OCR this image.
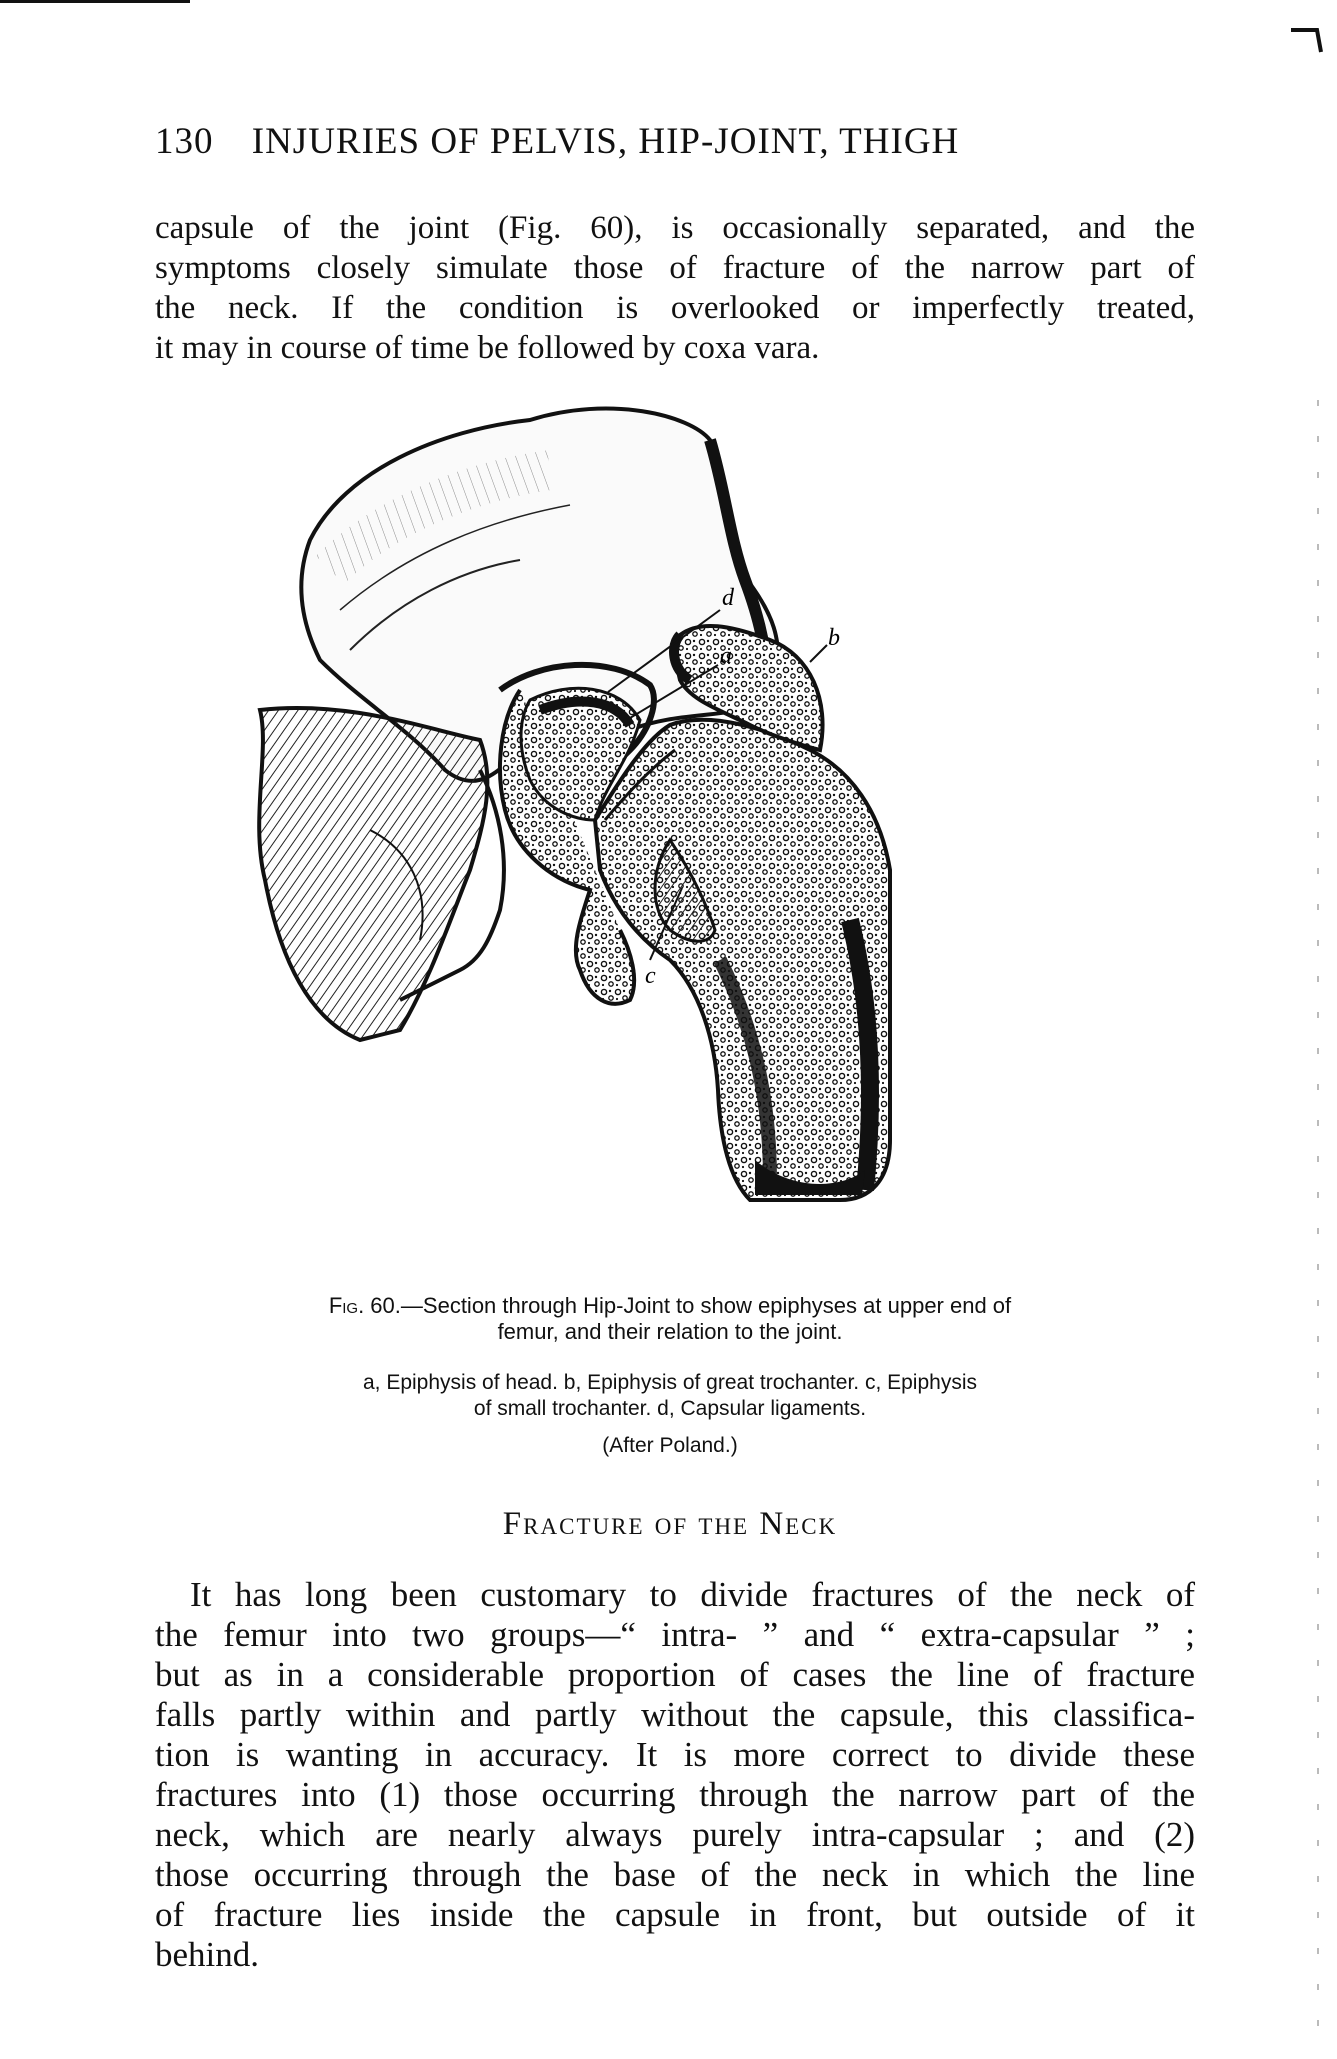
130 INJURIES OF PELVIS, HIP-JOINT, THIGH
capsule of the joint (Fig. 60), is occasionally separated, and the
symptoms closely simulate those of fracture of the narrow part of
the neck. If the condition is overlooked or imperfectly treated,
it may in course of time be followed by coxa vara.
d
a
b
c
Fig. 60.—Section through Hip-Joint to show epiphyses at upper end of
femur, and their relation to the joint.
a, Epiphysis of head. b, Epiphysis of great trochanter. c, Epiphysis
of small trochanter. d, Capsular ligaments.
(After Poland.)
Fracture of the Neck
It has long been customary to divide fractures of the neck of
the femur into two groups—“ intra- ” and “ extra-capsular ” ;
but as in a considerable proportion of cases the line of fracture
falls partly within and partly without the capsule, this classifica-
tion is wanting in accuracy. It is more correct to divide these
fractures into (1) those occurring through the narrow part of the
neck, which are nearly always purely intra-capsular ; and (2)
those occurring through the base of the neck in which the line
of fracture lies inside the capsule in front, but outside of it
behind.
